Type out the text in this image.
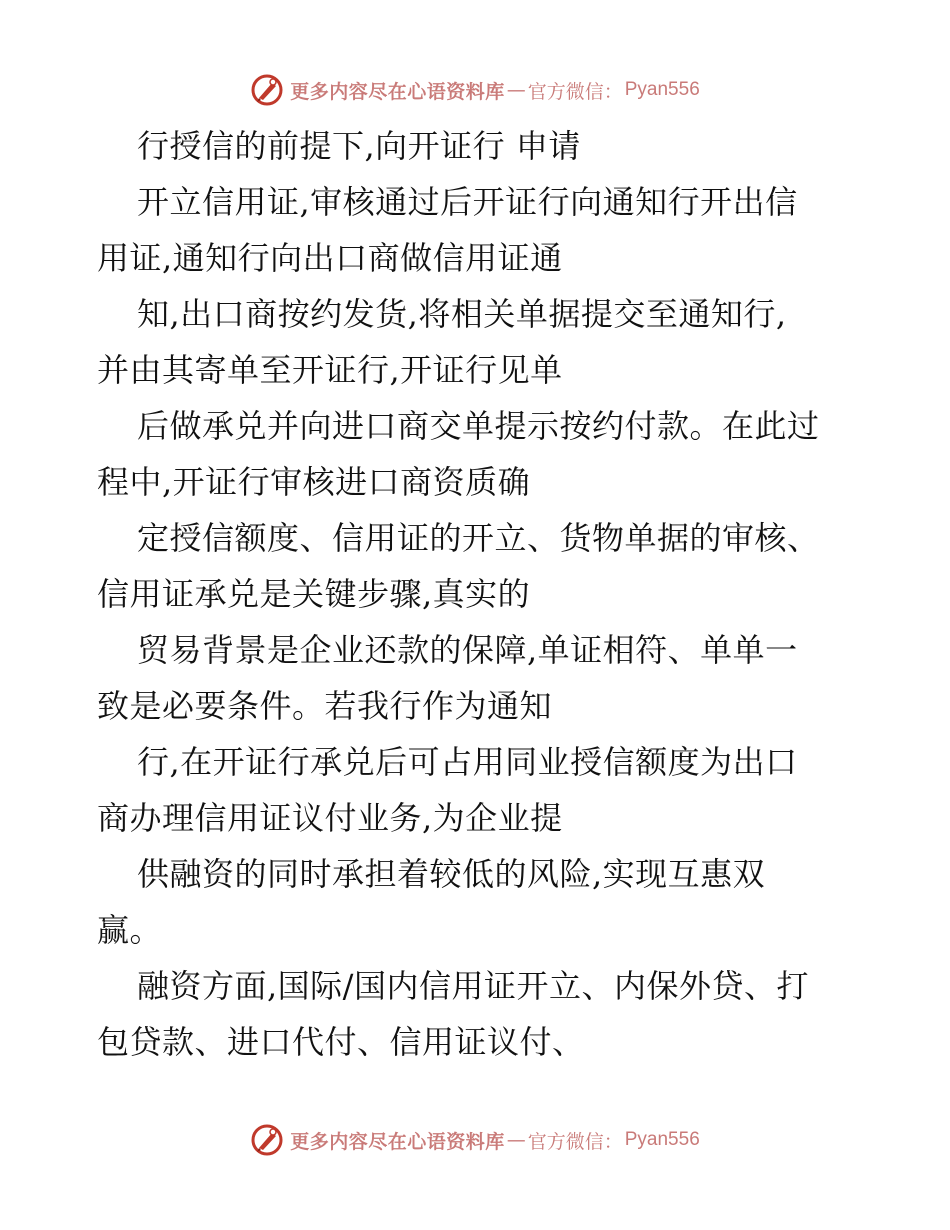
更多内容尽在心语资料库 — 官方微信： Pyan556
行授信的前提下,向开证行 申请
开立信用证,审核通过后开证行向通知行开出信
用证,通知行向出口商做信用证通
知,出口商按约发货,将相关单据提交至通知行,
并由其寄单至开证行,开证行见单
后做承兑并向进口商交单提示按约付款。在此过
程中,开证行审核进口商资质确
定授信额度、信用证的开立、货物单据的审核、
信用证承兑是关键步骤,真实的
贸易背景是企业还款的保障,单证相符、单单一
致是必要条件。若我行作为通知
行,在开证行承兑后可占用同业授信额度为出口
商办理信用证议付业务,为企业提
供融资的同时承担着较低的风险,实现互惠双
赢。
融资方面,国际/国内信用证开立、内保外贷、打
包贷款、进口代付、信用证议付、
更多内容尽在心语资料库 — 官方微信： Pyan556
